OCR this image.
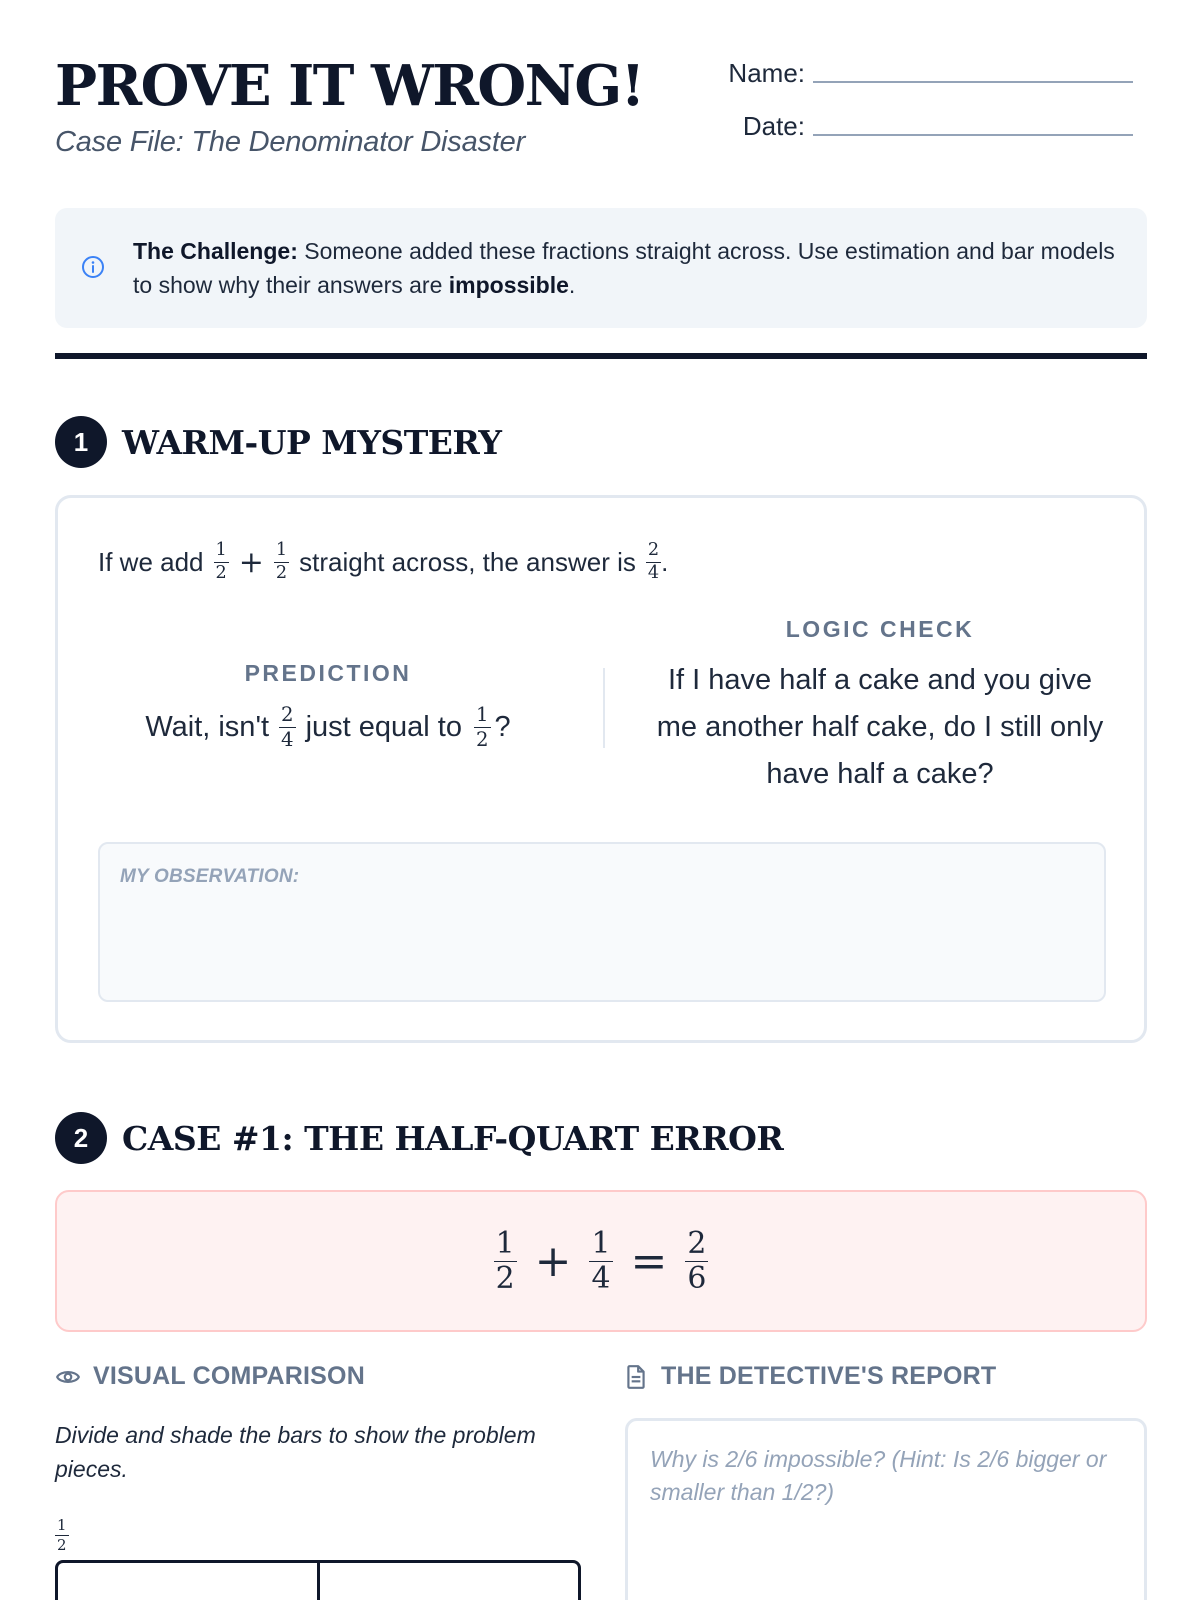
PROVE IT WRONG!
Case File: The Denominator Disaster
Name:
Date:
The Challenge: Someone added these fractions straight across. Use estimation and bar models to show why their answers are impossible.
1	WARM-UP MYSTERY
If we add $\frac{1}{2} + \frac{1}{2}$ straight across, the answer is $\frac{2}{4}$ .
PREDICTION
Wait, $isn't \frac{2}{4}$ just equal to $\frac{1}{2}$ ?
LOGIC CHECK
If I have half a cake and you give me another half cake, do I still only have half a cake?
MY OBSERVATION:
2	CASE #1: THE HALF-QUART ERROR
$\frac{1}{2} + \frac{1}{4} = \frac{2}{6}$
VISUAL COMPARISON	THE DETECTIVE'S REPORT
Divide and shade the bars to show the problem pieces.
$\frac{1}{2}$
Why is 2/6 impossible? (Hint: Is 2/6 bigger or smaller than 1/2?)
